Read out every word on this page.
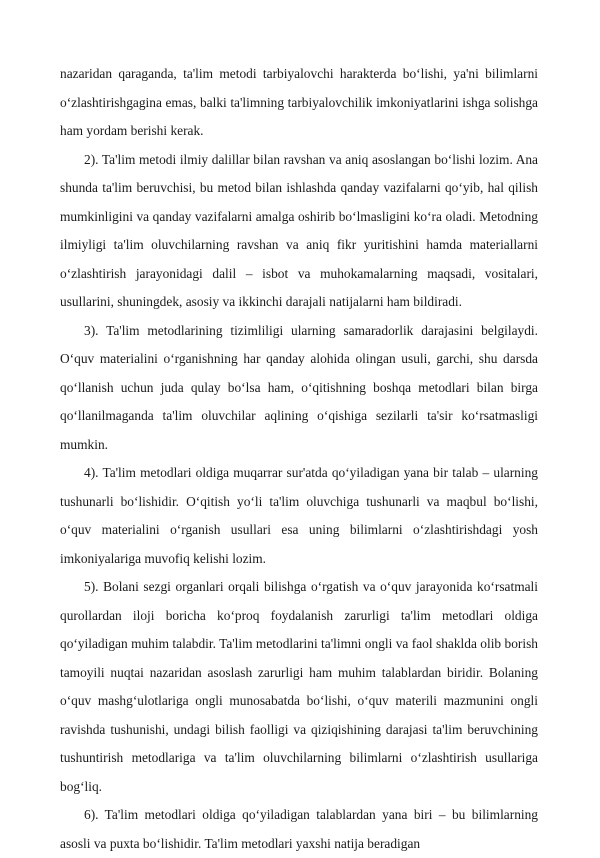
nazaridan qaraganda, ta'lim metodi tarbiyalovchi harakterda bo‘lishi, ya'ni bilimlarni o‘zlashtirishgagina emas, balki ta'limning tarbiyalovchilik imkoniyatlarini ishga solishga ham yordam berishi kerak.

2). Ta'lim metodi ilmiy dalillar bilan ravshan va aniq asoslangan bo‘lishi lozim. Ana shunda ta'lim beruvchisi, bu metod bilan ishlashda qanday vazifalarni qo‘yib, hal qilish mumkinligini va qanday vazifalarni amalga oshirib bo‘lmasligini ko‘ra oladi. Metodning ilmiyligi ta'lim oluvchilarning ravshan va aniq fikr yuritishini hamda materiallarni o‘zlashtirish jarayonidagi dalil – isbot va muhokamalarning maqsadi, vositalari, usullarini, shuningdek, asosiy va ikkinchi darajali natijalarni ham bildiradi.

3). Ta'lim metodlarining tizimliligi ularning samaradorlik darajasini belgilaydi. O‘quv materialini o‘rganishning har qanday alohida olingan usuli, garchi, shu darsda qo‘llanish uchun juda qulay bo‘lsa ham, o‘qitishning boshqa metodlari bilan birga qo‘llanilmaganda ta'lim oluvchilar aqlining o‘qishiga sezilarli ta'sir ko‘rsatmasligi mumkin.

4). Ta'lim metodlari oldiga muqarrar sur'atda qo‘yiladigan yana bir talab – ularning tushunarli bo‘lishidir. O‘qitish yo‘li ta'lim oluvchiga tushunarli va maqbul bo‘lishi, o‘quv materialini o‘rganish usullari esa uning bilimlarni o‘zlashtirishdagi yosh imkoniyalariga muvofiq kelishi lozim.

5). Bolani sezgi organlari orqali bilishga o‘rgatish va o‘quv jarayonida ko‘rsatmali qurollardan iloji boricha ko‘proq foydalanish zarurligi ta'lim metodlari oldiga qo‘yiladigan muhim talabdir. Ta'lim metodlarini ta'limni ongli va faol shaklda olib borish tamoyili nuqtai nazaridan asoslash zarurligi ham muhim talablardan biridir. Bolaning o‘quv mashg‘ulotlariga ongli munosabatda bo‘lishi, o‘quv materili mazmunini ongli ravishda tushunishi, undagi bilish faolligi va qiziqishining darajasi ta'lim beruvchining tushuntirish metodlariga va ta'lim oluvchilarning bilimlarni o‘zlashtirish usullariga bog‘liq.

6). Ta'lim metodlari oldiga qo‘yiladigan talablardan yana biri – bu bilimlarning asosli va puxta bo‘lishidir. Ta'lim metodlari yaxshi natija beradigan
